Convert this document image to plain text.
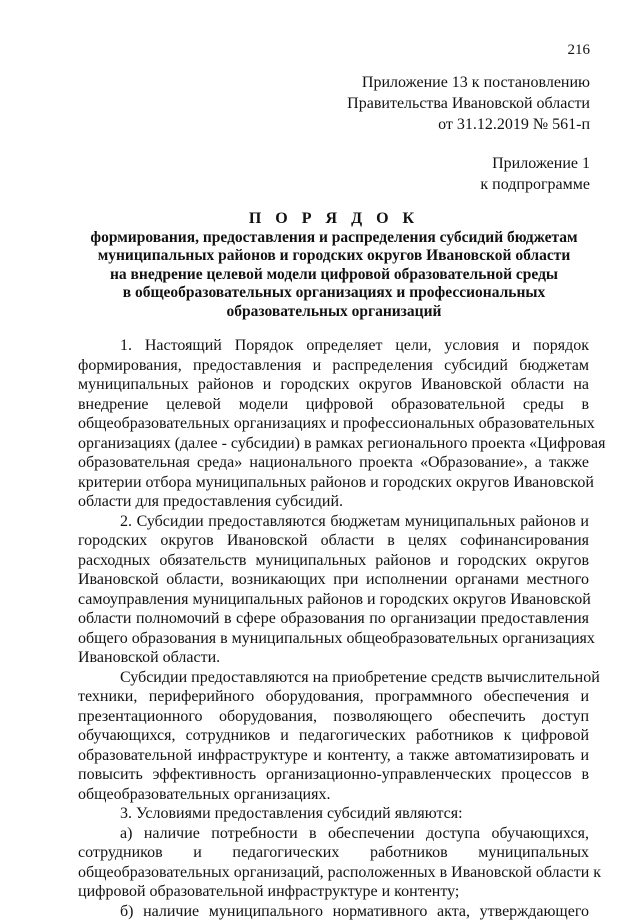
216
Приложение 13 к постановлению
Правительства Ивановской области
от 31.12.2019 № 561-п
Приложение 1
к подпрограмме
П О Р Я Д О К
формирования, предоставления и распределения субсидий бюджетам
муниципальных районов и городских округов Ивановской области
на внедрение целевой модели цифровой образовательной среды
в общеобразовательных организациях и профессиональных
образовательных организаций
1. Настоящий Порядок определяет цели, условия и порядок
формирования, предоставления и распределения субсидий бюджетам
муниципальных районов и городских округов Ивановской области на
внедрение целевой модели цифровой образовательной среды в
общеобразовательных организациях и профессиональных образовательных
организациях (далее - субсидии) в рамках регионального проекта «Цифровая
образовательная среда» национального проекта «Образование», а также
критерии отбора муниципальных районов и городских округов Ивановской
области для предоставления субсидий.
2. Субсидии предоставляются бюджетам муниципальных районов и
городских округов Ивановской области в целях софинансирования
расходных обязательств муниципальных районов и городских округов
Ивановской области, возникающих при исполнении органами местного
самоуправления муниципальных районов и городских округов Ивановской
области полномочий в сфере образования по организации предоставления
общего образования в муниципальных общеобразовательных организациях
Ивановской области.
Субсидии предоставляются на приобретение средств вычислительной
техники, периферийного оборудования, программного обеспечения и
презентационного оборудования, позволяющего обеспечить доступ
обучающихся, сотрудников и педагогических работников к цифровой
образовательной инфраструктуре и контенту, а также автоматизировать и
повысить эффективность организационно-управленческих процессов в
общеобразовательных организациях.
3. Условиями предоставления субсидий являются:
а) наличие потребности в обеспечении доступа обучающихся,
сотрудников и педагогических работников муниципальных
общеобразовательных организаций, расположенных в Ивановской области к
цифровой образовательной инфраструктуре и контенту;
б) наличие муниципального нормативного акта, утверждающего
